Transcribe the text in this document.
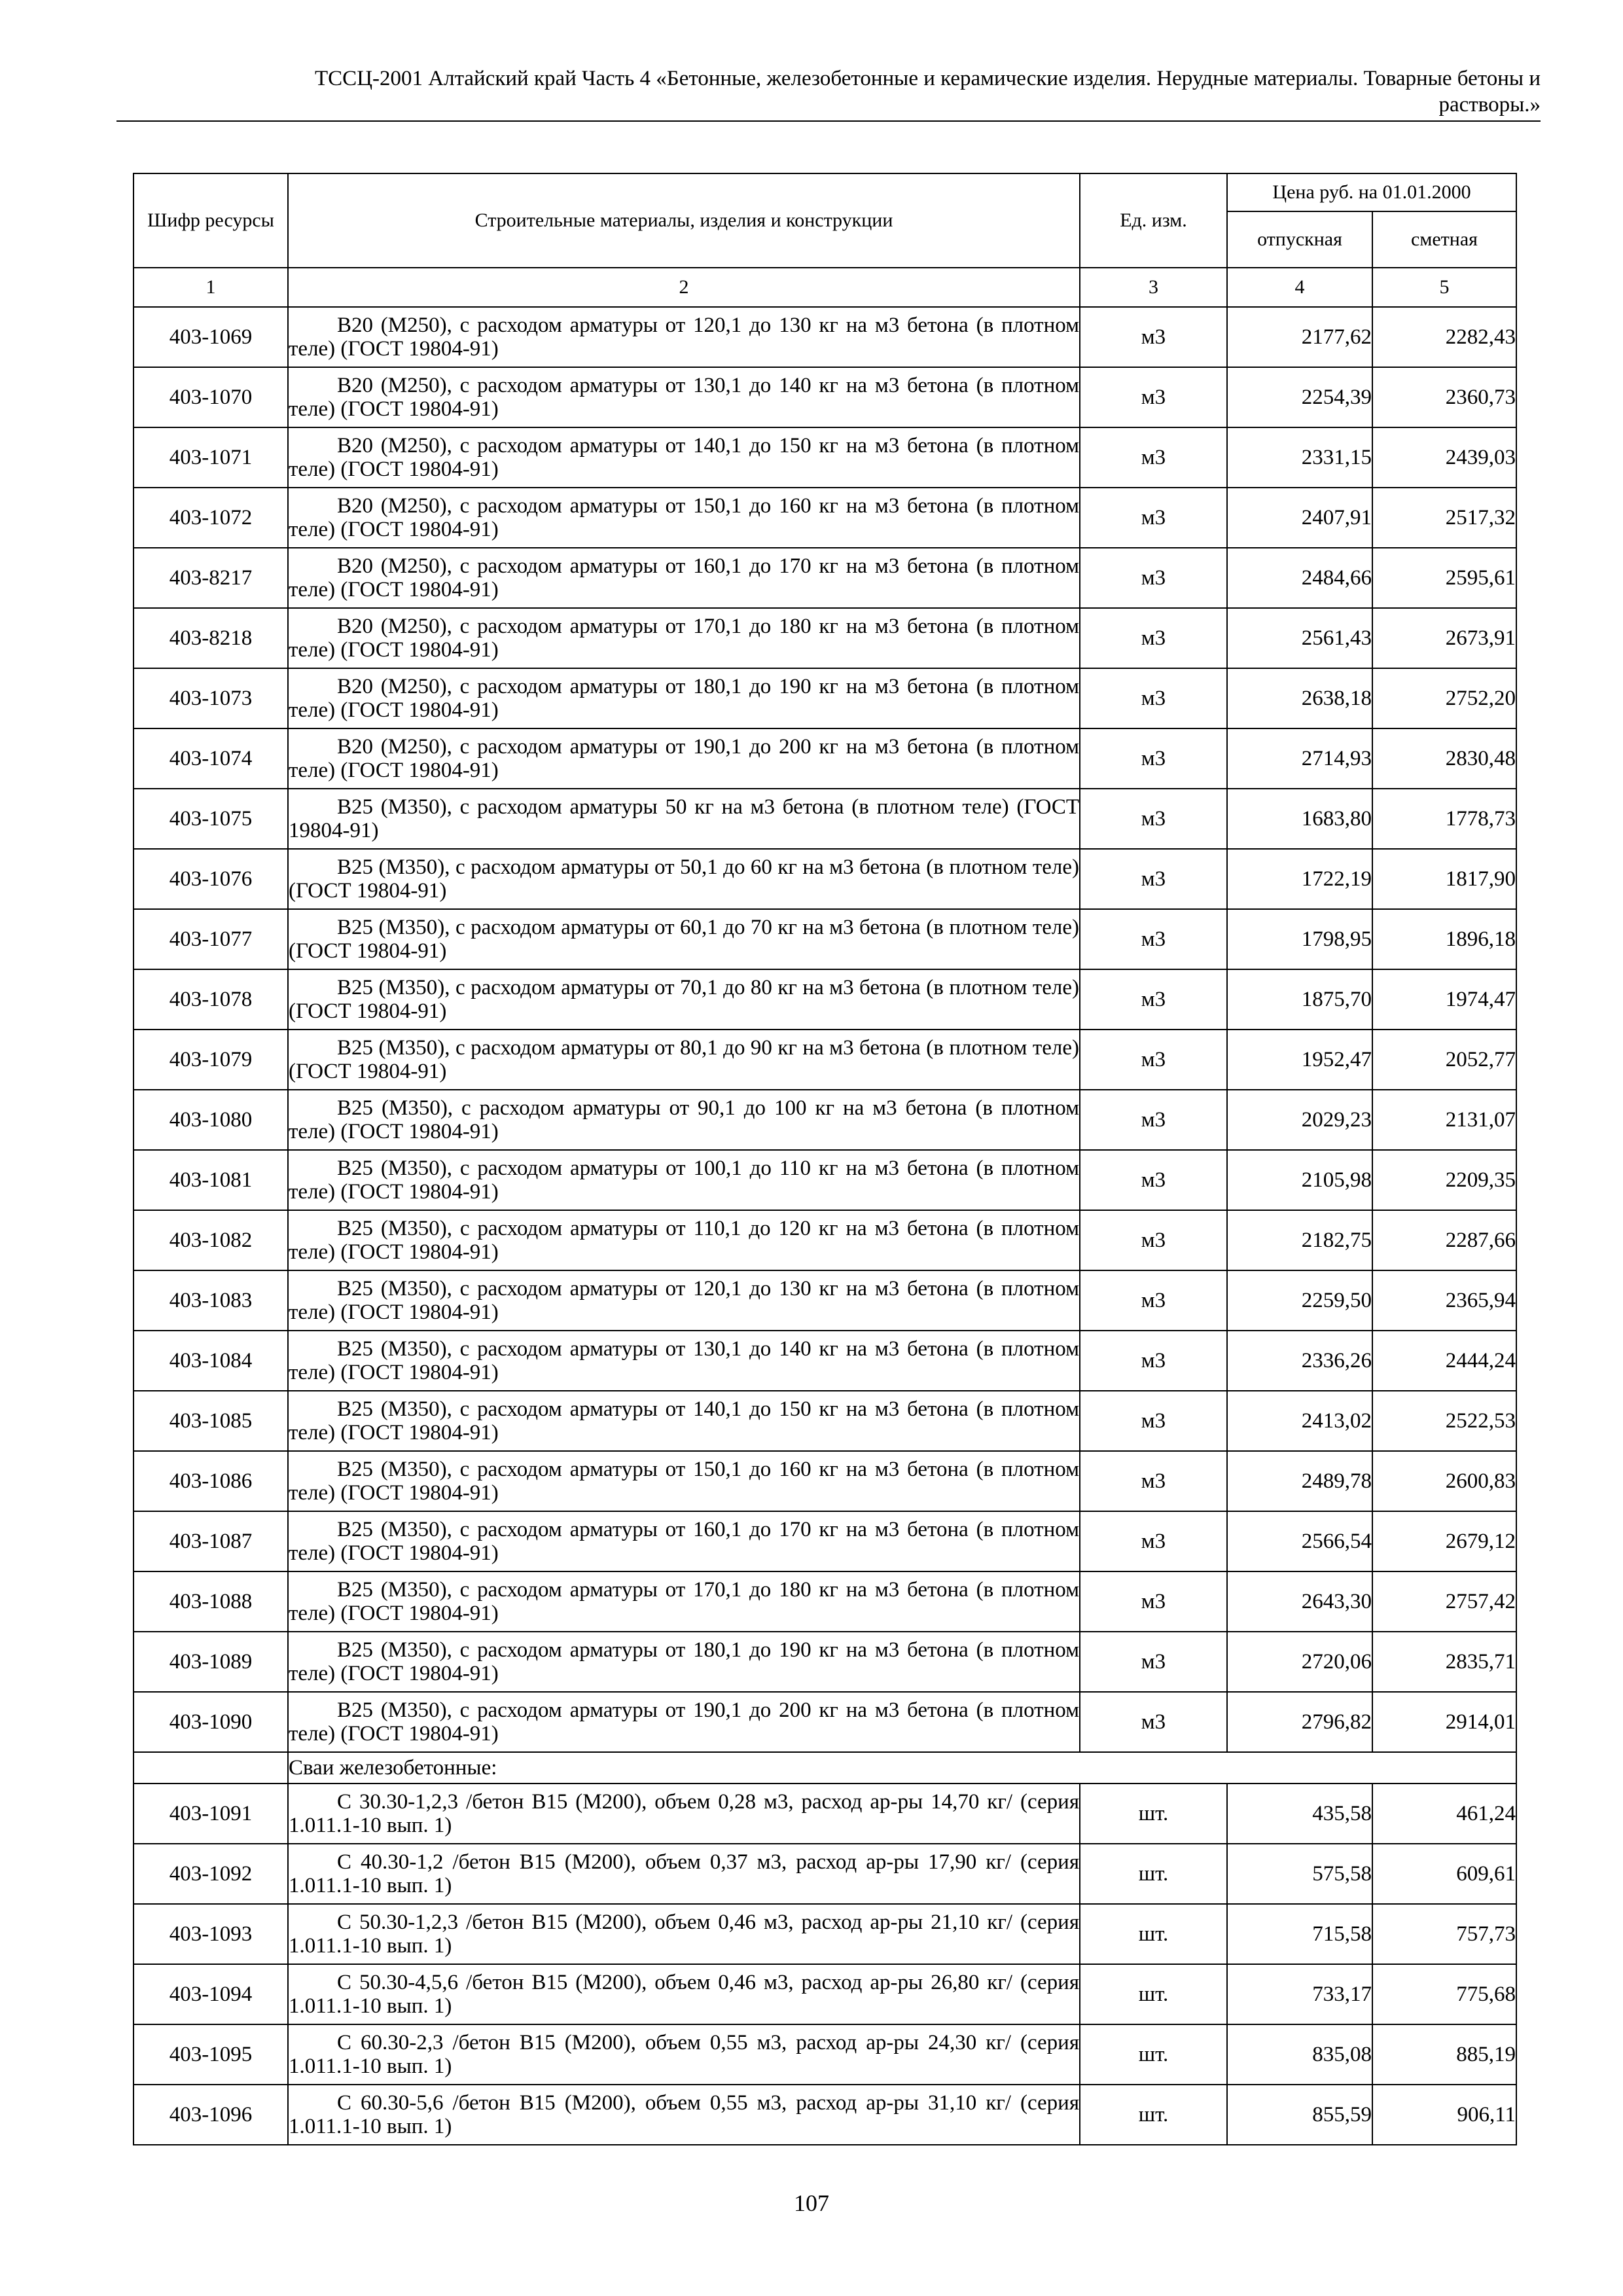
ТССЦ-2001 Алтайский край Часть 4 «Бетонные, железобетонные и керамические изделия. Нерудные материалы. Товарные бетоны и
растворы.»
Шифр ресурсы	Строительные материалы, изделия и конструкции	Ед. изм.	Цена руб. на 01.01.2000	
			отпускная	сметная
1	2	3	4	5
403-1069	В20 (М250), с расходом арматуры от 120,1 до 130 кг на м3 бетона (в плотном теле) (ГОСТ 19804-91)	м3	2177,62	2282,43
403-1070	В20 (М250), с расходом арматуры от 130,1 до 140 кг на м3 бетона (в плотном теле) (ГОСТ 19804-91)	м3	2254,39	2360,73
403-1071	В20 (М250), с расходом арматуры от 140,1 до 150 кг на м3 бетона (в плотном теле) (ГОСТ 19804-91)	м3	2331,15	2439,03
403-1072	В20 (М250), с расходом арматуры от 150,1 до 160 кг на м3 бетона (в плотном теле) (ГОСТ 19804-91)	м3	2407,91	2517,32
403-8217	В20 (М250), с расходом арматуры от 160,1 до 170 кг на м3 бетона (в плотном теле) (ГОСТ 19804-91)	м3	2484,66	2595,61
403-8218	В20 (М250), с расходом арматуры от 170,1 до 180 кг на м3 бетона (в плотном теле) (ГОСТ 19804-91)	м3	2561,43	2673,91
403-1073	В20 (М250), с расходом арматуры от 180,1 до 190 кг на м3 бетона (в плотном теле) (ГОСТ 19804-91)	м3	2638,18	2752,20
403-1074	В20 (М250), с расходом арматуры от 190,1 до 200 кг на м3 бетона (в плотном теле) (ГОСТ 19804-91)	м3	2714,93	2830,48
403-1075	В25 (М350), с расходом арматуры 50 кг на м3 бетона (в плотном теле) (ГОСТ 19804-91)	м3	1683,80	1778,73
403-1076	В25 (М350), с расходом арматуры от 50,1 до 60 кг на м3 бетона (в плотном теле) (ГОСТ 19804-91)	м3	1722,19	1817,90
403-1077	В25 (М350), с расходом арматуры от 60,1 до 70 кг на м3 бетона (в плотном теле) (ГОСТ 19804-91)	м3	1798,95	1896,18
403-1078	В25 (М350), с расходом арматуры от 70,1 до 80 кг на м3 бетона (в плотном теле) (ГОСТ 19804-91)	м3	1875,70	1974,47
403-1079	В25 (М350), с расходом арматуры от 80,1 до 90 кг на м3 бетона (в плотном теле) (ГОСТ 19804-91)	м3	1952,47	2052,77
403-1080	В25 (М350), с расходом арматуры от 90,1 до 100 кг на м3 бетона (в плотном теле) (ГОСТ 19804-91)	м3	2029,23	2131,07
403-1081	В25 (М350), с расходом арматуры от 100,1 до 110 кг на м3 бетона (в плотном теле) (ГОСТ 19804-91)	м3	2105,98	2209,35
403-1082	В25 (М350), с расходом арматуры от 110,1 до 120 кг на м3 бетона (в плотном теле) (ГОСТ 19804-91)	м3	2182,75	2287,66
403-1083	В25 (М350), с расходом арматуры от 120,1 до 130 кг на м3 бетона (в плотном теле) (ГОСТ 19804-91)	м3	2259,50	2365,94
403-1084	В25 (М350), с расходом арматуры от 130,1 до 140 кг на м3 бетона (в плотном теле) (ГОСТ 19804-91)	м3	2336,26	2444,24
403-1085	В25 (М350), с расходом арматуры от 140,1 до 150 кг на м3 бетона (в плотном теле) (ГОСТ 19804-91)	м3	2413,02	2522,53
403-1086	В25 (М350), с расходом арматуры от 150,1 до 160 кг на м3 бетона (в плотном теле) (ГОСТ 19804-91)	м3	2489,78	2600,83
403-1087	В25 (М350), с расходом арматуры от 160,1 до 170 кг на м3 бетона (в плотном теле) (ГОСТ 19804-91)	м3	2566,54	2679,12
403-1088	В25 (М350), с расходом арматуры от 170,1 до 180 кг на м3 бетона (в плотном теле) (ГОСТ 19804-91)	м3	2643,30	2757,42
403-1089	В25 (М350), с расходом арматуры от 180,1 до 190 кг на м3 бетона (в плотном теле) (ГОСТ 19804-91)	м3	2720,06	2835,71
403-1090	В25 (М350), с расходом арматуры от 190,1 до 200 кг на м3 бетона (в плотном теле) (ГОСТ 19804-91)	м3	2796,82	2914,01
	Сваи железобетонные:			
403-1091	С 30.30-1,2,3 /бетон В15 (М200), объем 0,28 м3, расход ар-ры 14,70 кг/ (серия 1.011.1-10 вып. 1)	шт.	435,58	461,24
403-1092	С 40.30-1,2 /бетон В15 (М200), объем 0,37 м3, расход ар-ры 17,90 кг/ (серия 1.011.1-10 вып. 1)	шт.	575,58	609,61
403-1093	С 50.30-1,2,3 /бетон В15 (М200), объем 0,46 м3, расход ар-ры 21,10 кг/ (серия 1.011.1-10 вып. 1)	шт.	715,58	757,73
403-1094	С 50.30-4,5,6 /бетон В15 (М200), объем 0,46 м3, расход ар-ры 26,80 кг/ (серия 1.011.1-10 вып. 1)	шт.	733,17	775,68
403-1095	С 60.30-2,3 /бетон В15 (М200), объем 0,55 м3, расход ар-ры 24,30 кг/ (серия 1.011.1-10 вып. 1)	шт.	835,08	885,19
403-1096	С 60.30-5,6 /бетон В15 (М200), объем 0,55 м3, расход ар-ры 31,10 кг/ (серия 1.011.1-10 вып. 1)	шт.	855,59	906,11
107
